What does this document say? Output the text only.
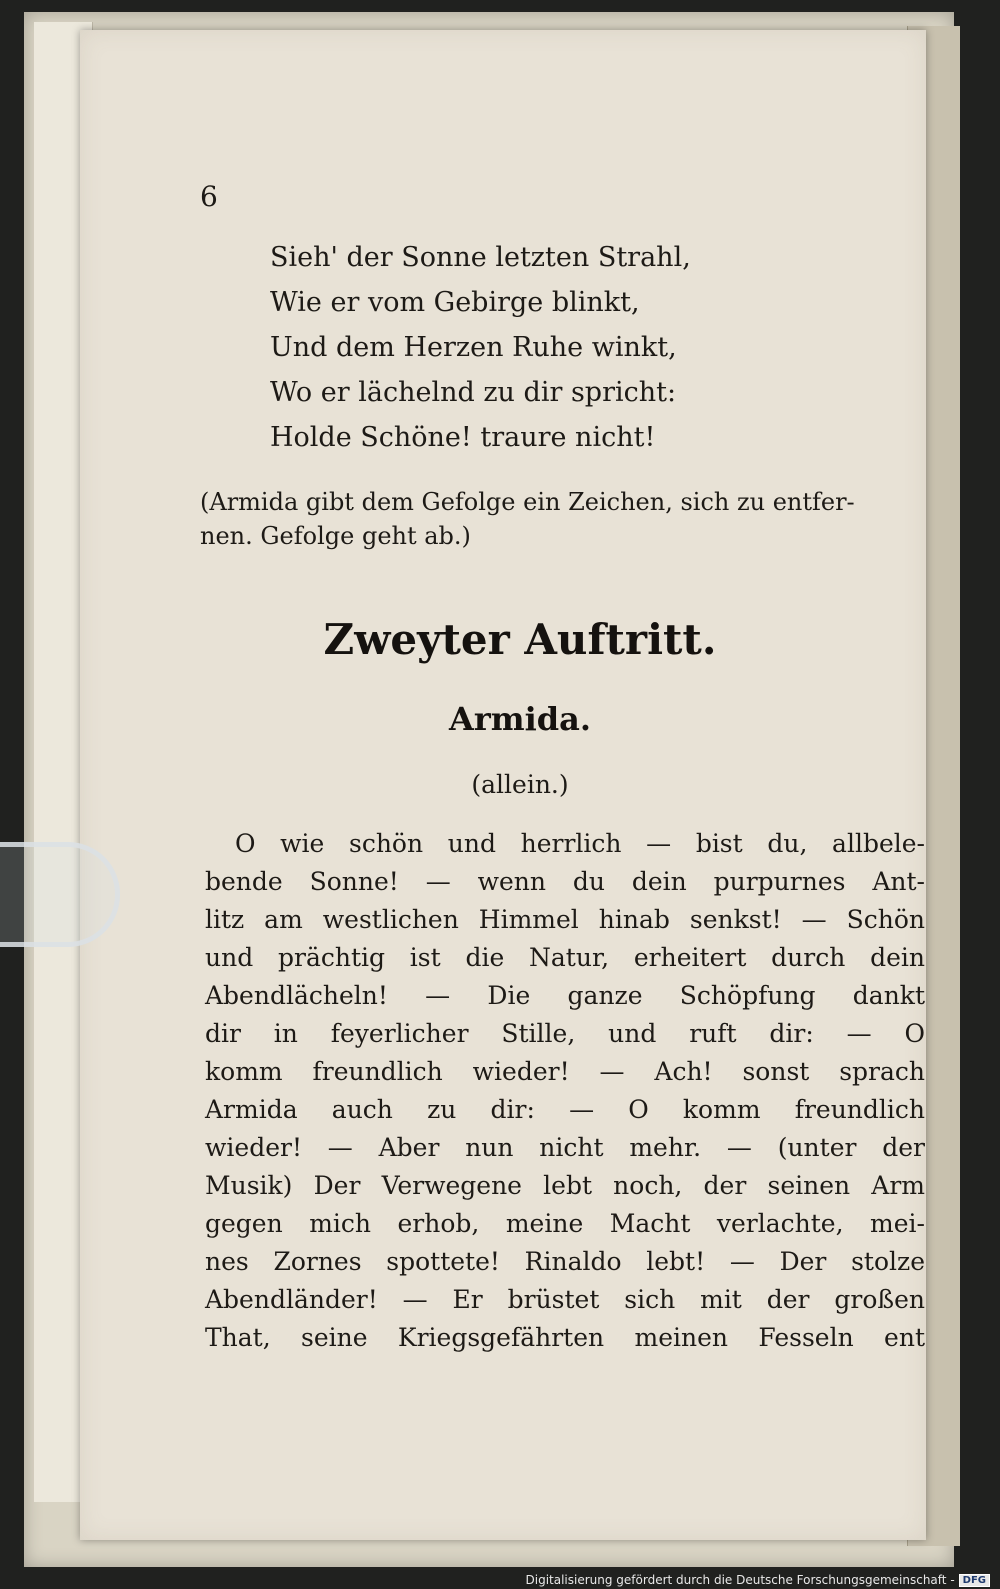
6
Sieh' der Sonne letzten Strahl,
Wie er vom Gebirge blinkt,
Und dem Herzen Ruhe winkt,
Wo er lächelnd zu dir spricht:
Holde Schöne! traure nicht!
(Armida gibt dem Gefolge ein Zeichen, sich zu entfer-
nen. Gefolge geht ab.)
Zweyter Auftritt.
Armida.
(allein.)
O wie schön und herrlich — bist du, allbele-
bende Sonne! — wenn du dein purpurnes Ant-
litz am westlichen Himmel hinab senkst! — Schön
und prächtig ist die Natur, erheitert durch dein
Abendlächeln! — Die ganze Schöpfung dankt
dir in feyerlicher Stille, und ruft dir: — O
komm freundlich wieder! — Ach! sonst sprach
Armida auch zu dir: — O komm freundlich
wieder! — Aber nun nicht mehr. — (unter der
Musik) Der Verwegene lebt noch, der seinen Arm
gegen mich erhob, meine Macht verlachte, mei-
nes Zornes spottete! Rinaldo lebt! — Der stolze
Abendländer! — Er brüstet sich mit der großen
That, seine Kriegsgefährten meinen Fesseln ent
Digitalisierung gefördert durch die Deutsche Forschungsgemeinschaft - DFG
